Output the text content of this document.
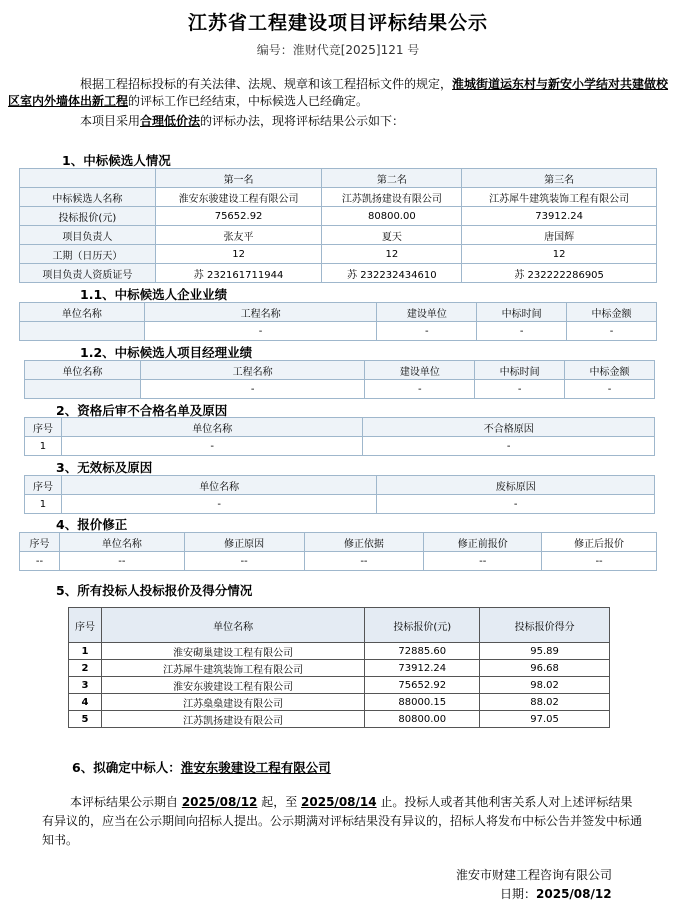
江苏省工程建设项目评标结果公示
编号：淮财代竞[2025]121 号
根据工程招标投标的有关法律、法规、规章和该工程招标文件的规定，淮城街道运东村与新安小学结对共建做校区室内外墙体出新工程的评标工作已经结束，中标候选人已经确定。
本项目采用合理低价法的评标办法，现将评标结果公示如下：
1、中标候选人情况
	第一名	第二名	第三名
中标候选人名称	淮安东骏建设工程有限公司	江苏凯扬建设有限公司	江苏犀牛建筑装饰工程有限公司
投标报价(元)	75652.92	80800.00	73912.24
项目负责人	张友平	夏天	唐国辉
工期（日历天）	12	12	12
项目负责人资质证号	苏 232161711944	苏 232232434610	苏 232222286905
1.1、中标候选人企业业绩
单位名称	工程名称	建设单位	中标时间	中标金额
	-	-	-	-
1.2、中标候选人项目经理业绩
单位名称	工程名称	建设单位	中标时间	中标金额
	-	-	-	-
2、资格后审不合格名单及原因
序号	单位名称	不合格原因
1	-	-
3、无效标及原因
序号	单位名称	废标原因
1	-	-
4、报价修正
序号	单位名称	修正原因	修正依据	修正前报价	修正后报价
--	--	--	--	--	--
5、所有投标人投标报价及得分情况
序号	单位名称	投标报价(元)	投标报价得分
1	淮安砌巢建设工程有限公司	72885.60	95.89
2	江苏犀牛建筑装饰工程有限公司	73912.24	96.68
3	淮安东骏建设工程有限公司	75652.92	98.02
4	江苏燊燊建设有限公司	88000.15	88.02
5	江苏凯扬建设有限公司	80800.00	97.05
6、拟确定中标人：淮安东骏建设工程有限公司
本评标结果公示期自 2025/08/12 起，至 2025/08/14 止。投标人或者其他利害关系人对上述评标结果有异议的，应当在公示期间向招标人提出。公示期满对评标结果没有异议的，招标人将发布中标公告并签发中标通知书。
淮安市财建工程咨询有限公司
日期：2025/08/12
